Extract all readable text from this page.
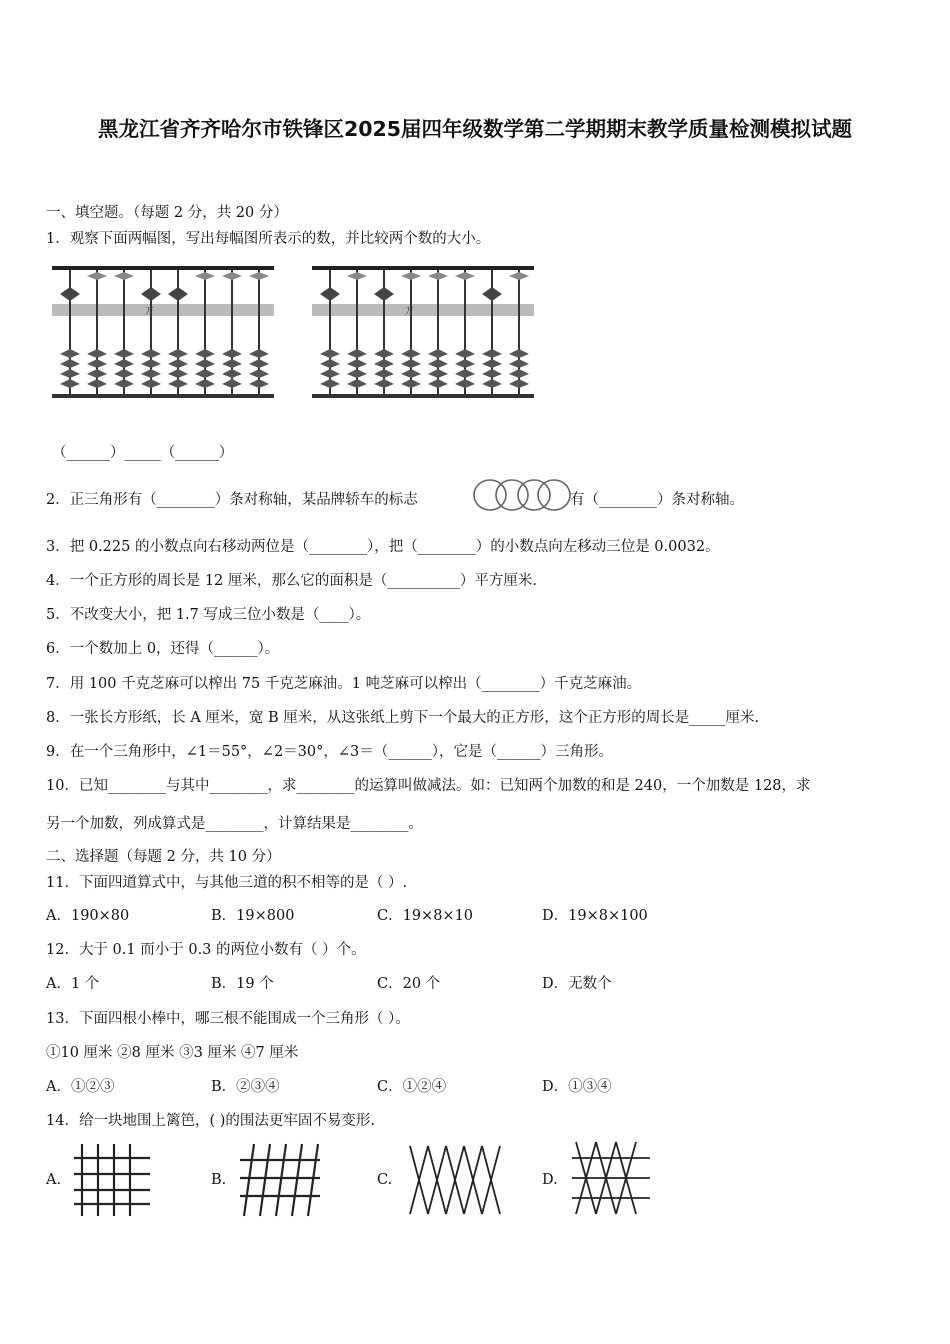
黑龙江省齐齐哈尔市铁锋区2025届四年级数学第二学期期末教学质量检测模拟试题
一、填空题。（每题 2 分，共 20 分）
1．观察下面两幅图，写出每幅图所表示的数，并比较两个数的大小。
万	万
（______）_____（______）
2．正三角形有（________）条对称轴，某品牌轿车的标志	有（________）条对称轴。
3．把 0.225 的小数点向右移动两位是（________），把（________）的小数点向左移动三位是 0.0032。
4．一个正方形的周长是 12 厘米，那么它的面积是（__________）平方厘米.
5．不改变大小，把 1.7 写成三位小数是（____）。
6．一个数加上 0，还得（______）。
7．用 100 千克芝麻可以榨出 75 千克芝麻油。1 吨芝麻可以榨出（________）千克芝麻油。
8．一张长方形纸，长 A 厘米，宽 B 厘米，从这张纸上剪下一个最大的正方形，这个正方形的周长是_____厘米.
9．在一个三角形中，∠1＝55°，∠2＝30°，∠3＝（______），它是（______）三角形。
10．已知________与其中________，求________的运算叫做减法。如：已知两个加数的和是 240，一个加数是 128，求
另一个加数，列成算式是________，计算结果是________。
二、选择题（每题 2 分，共 10 分）
11．下面四道算式中，与其他三道的积不相等的是（ ）.
A．190×80	B．19×800	C．19×8×10	D．19×8×100
12．大于 0.1 而小于 0.3 的两位小数有（ ）个。
A．1 个	B．19 个	C．20 个	D．无数个
13．下面四根小棒中，哪三根不能围成一个三角形（ ）。
①10 厘米 ②8 厘米 ③3 厘米 ④7 厘米
A．①②③	B．②③④	C．①②④	D．①③④
14．给一块地围上篱笆，( )的围法更牢固不易变形.
A.	B.	C.	D.
